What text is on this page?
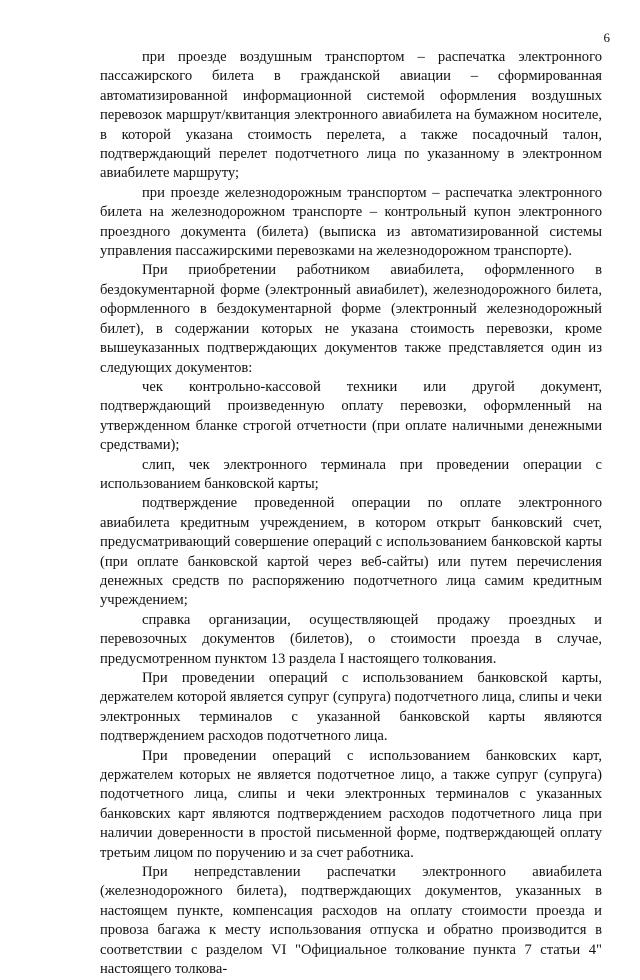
6

при проезде воздушным транспортом – распечатка электронного пассажирского билета в гражданской авиации – сформированная автоматизированной информационной системой оформления воздушных перевозок маршрут/квитанция электронного авиабилета на бумажном носителе, в которой указана стоимость перелета, а также посадочный талон, подтверждающий перелет подотчетного лица по указанному в электронном авиабилете маршруту;

при проезде железнодорожным транспортом – распечатка электронного билета на железнодорожном транспорте – контрольный купон электронного проездного документа (билета) (выписка из автоматизированной системы управления пассажирскими перевозками на железнодорожном транспорте).

При приобретении работником авиабилета, оформленного в бездокументарной форме (электронный авиабилет), железнодорожного билета, оформленного в бездокументарной форме (электронный железнодорожный билет), в содержании которых не указана стоимость перевозки, кроме вышеуказанных подтверждающих документов также представляется один из следующих документов:

чек контрольно-кассовой техники или другой документ, подтверждающий произведенную оплату перевозки, оформленный на утвержденном бланке строгой отчетности (при оплате наличными денежными средствами);

слип, чек электронного терминала при проведении операции с использованием банковской карты;

подтверждение проведенной операции по оплате электронного авиабилета кредитным учреждением, в котором открыт банковский счет, предусматривающий совершение операций с использованием банковской карты (при оплате банковской картой через веб-сайты) или путем перечисления денежных средств по распоряжению подотчетного лица самим кредитным учреждением;

справка организации, осуществляющей продажу проездных и перевозочных документов (билетов), о стоимости проезда в случае, предусмотренном пунктом 13 раздела I настоящего толкования.

При проведении операций с использованием банковской карты, держателем которой является супруг (супруга) подотчетного лица, слипы и чеки электронных терминалов с указанной банковской карты являются подтверждением расходов подотчетного лица.

При проведении операций с использованием банковских карт, держателем которых не является подотчетное лицо, а также супруг (супруга) подотчетного лица, слипы и чеки электронных терминалов с указанных банковских карт являются подтверждением расходов подотчетного лица при наличии доверенности в простой письменной форме, подтверждающей оплату третьим лицом по поручению и за счет работника.

При непредставлении распечатки электронного авиабилета (железнодорожного билета), подтверждающих документов, указанных в настоящем пункте, компенсация расходов на оплату стоимости проезда и провоза багажа к месту использования отпуска и обратно производится в соответствии с разделом VI "Официальное толкование пункта 7 статьи 4" настоящего толкова-
